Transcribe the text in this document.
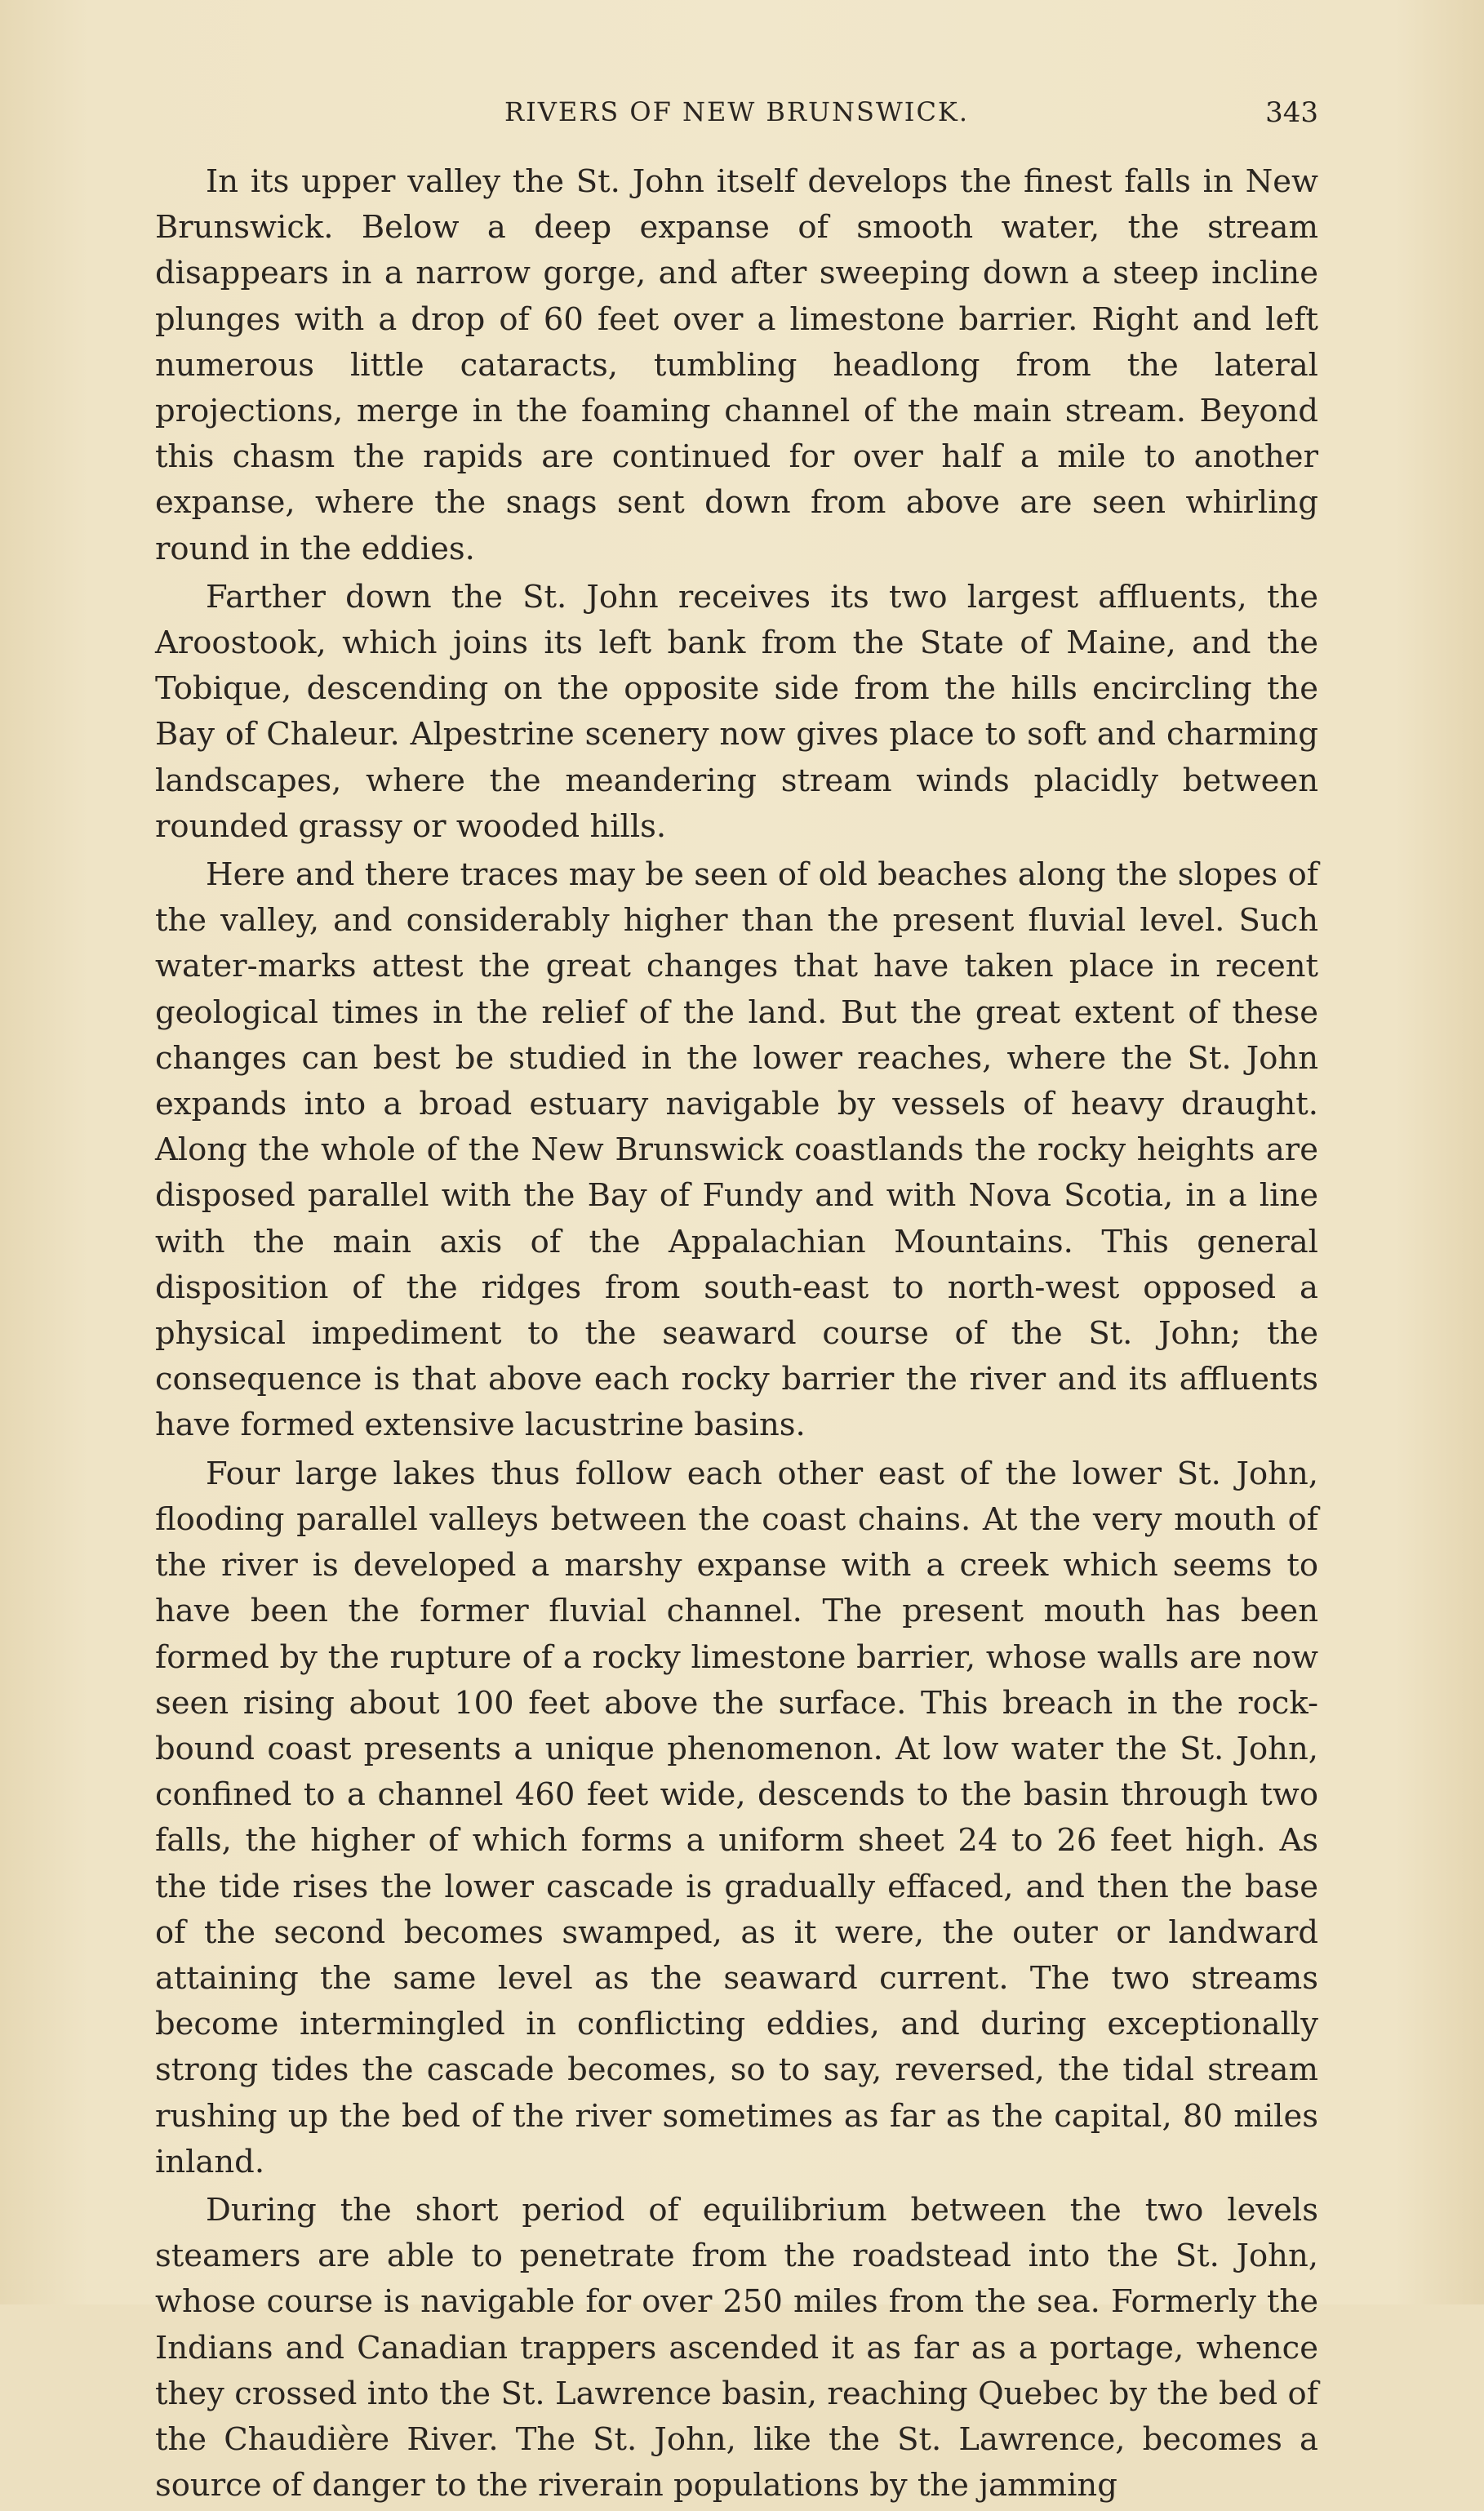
RIVERS OF NEW BRUNSWICK.	343

In its upper valley the St. John itself develops the finest falls in New Brunswick. Below a deep expanse of smooth water, the stream disappears in a narrow gorge, and after sweeping down a steep incline plunges with a drop of 60 feet over a limestone barrier. Right and left numerous little cataracts, tumbling headlong from the lateral projections, merge in the foaming channel of the main stream. Beyond this chasm the rapids are continued for over half a mile to another expanse, where the snags sent down from above are seen whirling round in the eddies.

Farther down the St. John receives its two largest affluents, the Aroostook, which joins its left bank from the State of Maine, and the Tobique, descending on the opposite side from the hills encircling the Bay of Chaleur. Alpestrine scenery now gives place to soft and charming landscapes, where the meandering stream winds placidly between rounded grassy or wooded hills.

Here and there traces may be seen of old beaches along the slopes of the valley, and considerably higher than the present fluvial level. Such water-marks attest the great changes that have taken place in recent geological times in the relief of the land. But the great extent of these changes can best be studied in the lower reaches, where the St. John expands into a broad estuary navigable by vessels of heavy draught. Along the whole of the New Brunswick coastlands the rocky heights are disposed parallel with the Bay of Fundy and with Nova Scotia, in a line with the main axis of the Appalachian Mountains. This general disposition of the ridges from south-east to north-west opposed a physical impediment to the seaward course of the St. John; the consequence is that above each rocky barrier the river and its affluents have formed extensive lacustrine basins.

Four large lakes thus follow each other east of the lower St. John, flooding parallel valleys between the coast chains. At the very mouth of the river is developed a marshy expanse with a creek which seems to have been the former fluvial channel. The present mouth has been formed by the rupture of a rocky limestone barrier, whose walls are now seen rising about 100 feet above the surface. This breach in the rock-bound coast presents a unique phenomenon. At low water the St. John, confined to a channel 460 feet wide, descends to the basin through two falls, the higher of which forms a uniform sheet 24 to 26 feet high. As the tide rises the lower cascade is gradually effaced, and then the base of the second becomes swamped, as it were, the outer or landward attaining the same level as the seaward current. The two streams become intermingled in conflicting eddies, and during exceptionally strong tides the cascade becomes, so to say, reversed, the tidal stream rushing up the bed of the river sometimes as far as the capital, 80 miles inland.

During the short period of equilibrium between the two levels steamers are able to penetrate from the roadstead into the St. John, whose course is navigable for over 250 miles from the sea. Formerly the Indians and Canadian trappers ascended it as far as a portage, whence they crossed into the St. Lawrence basin, reaching Quebec by the bed of the Chaudière River. The St. John, like the St. Lawrence, becomes a source of danger to the riverain populations by the jamming
